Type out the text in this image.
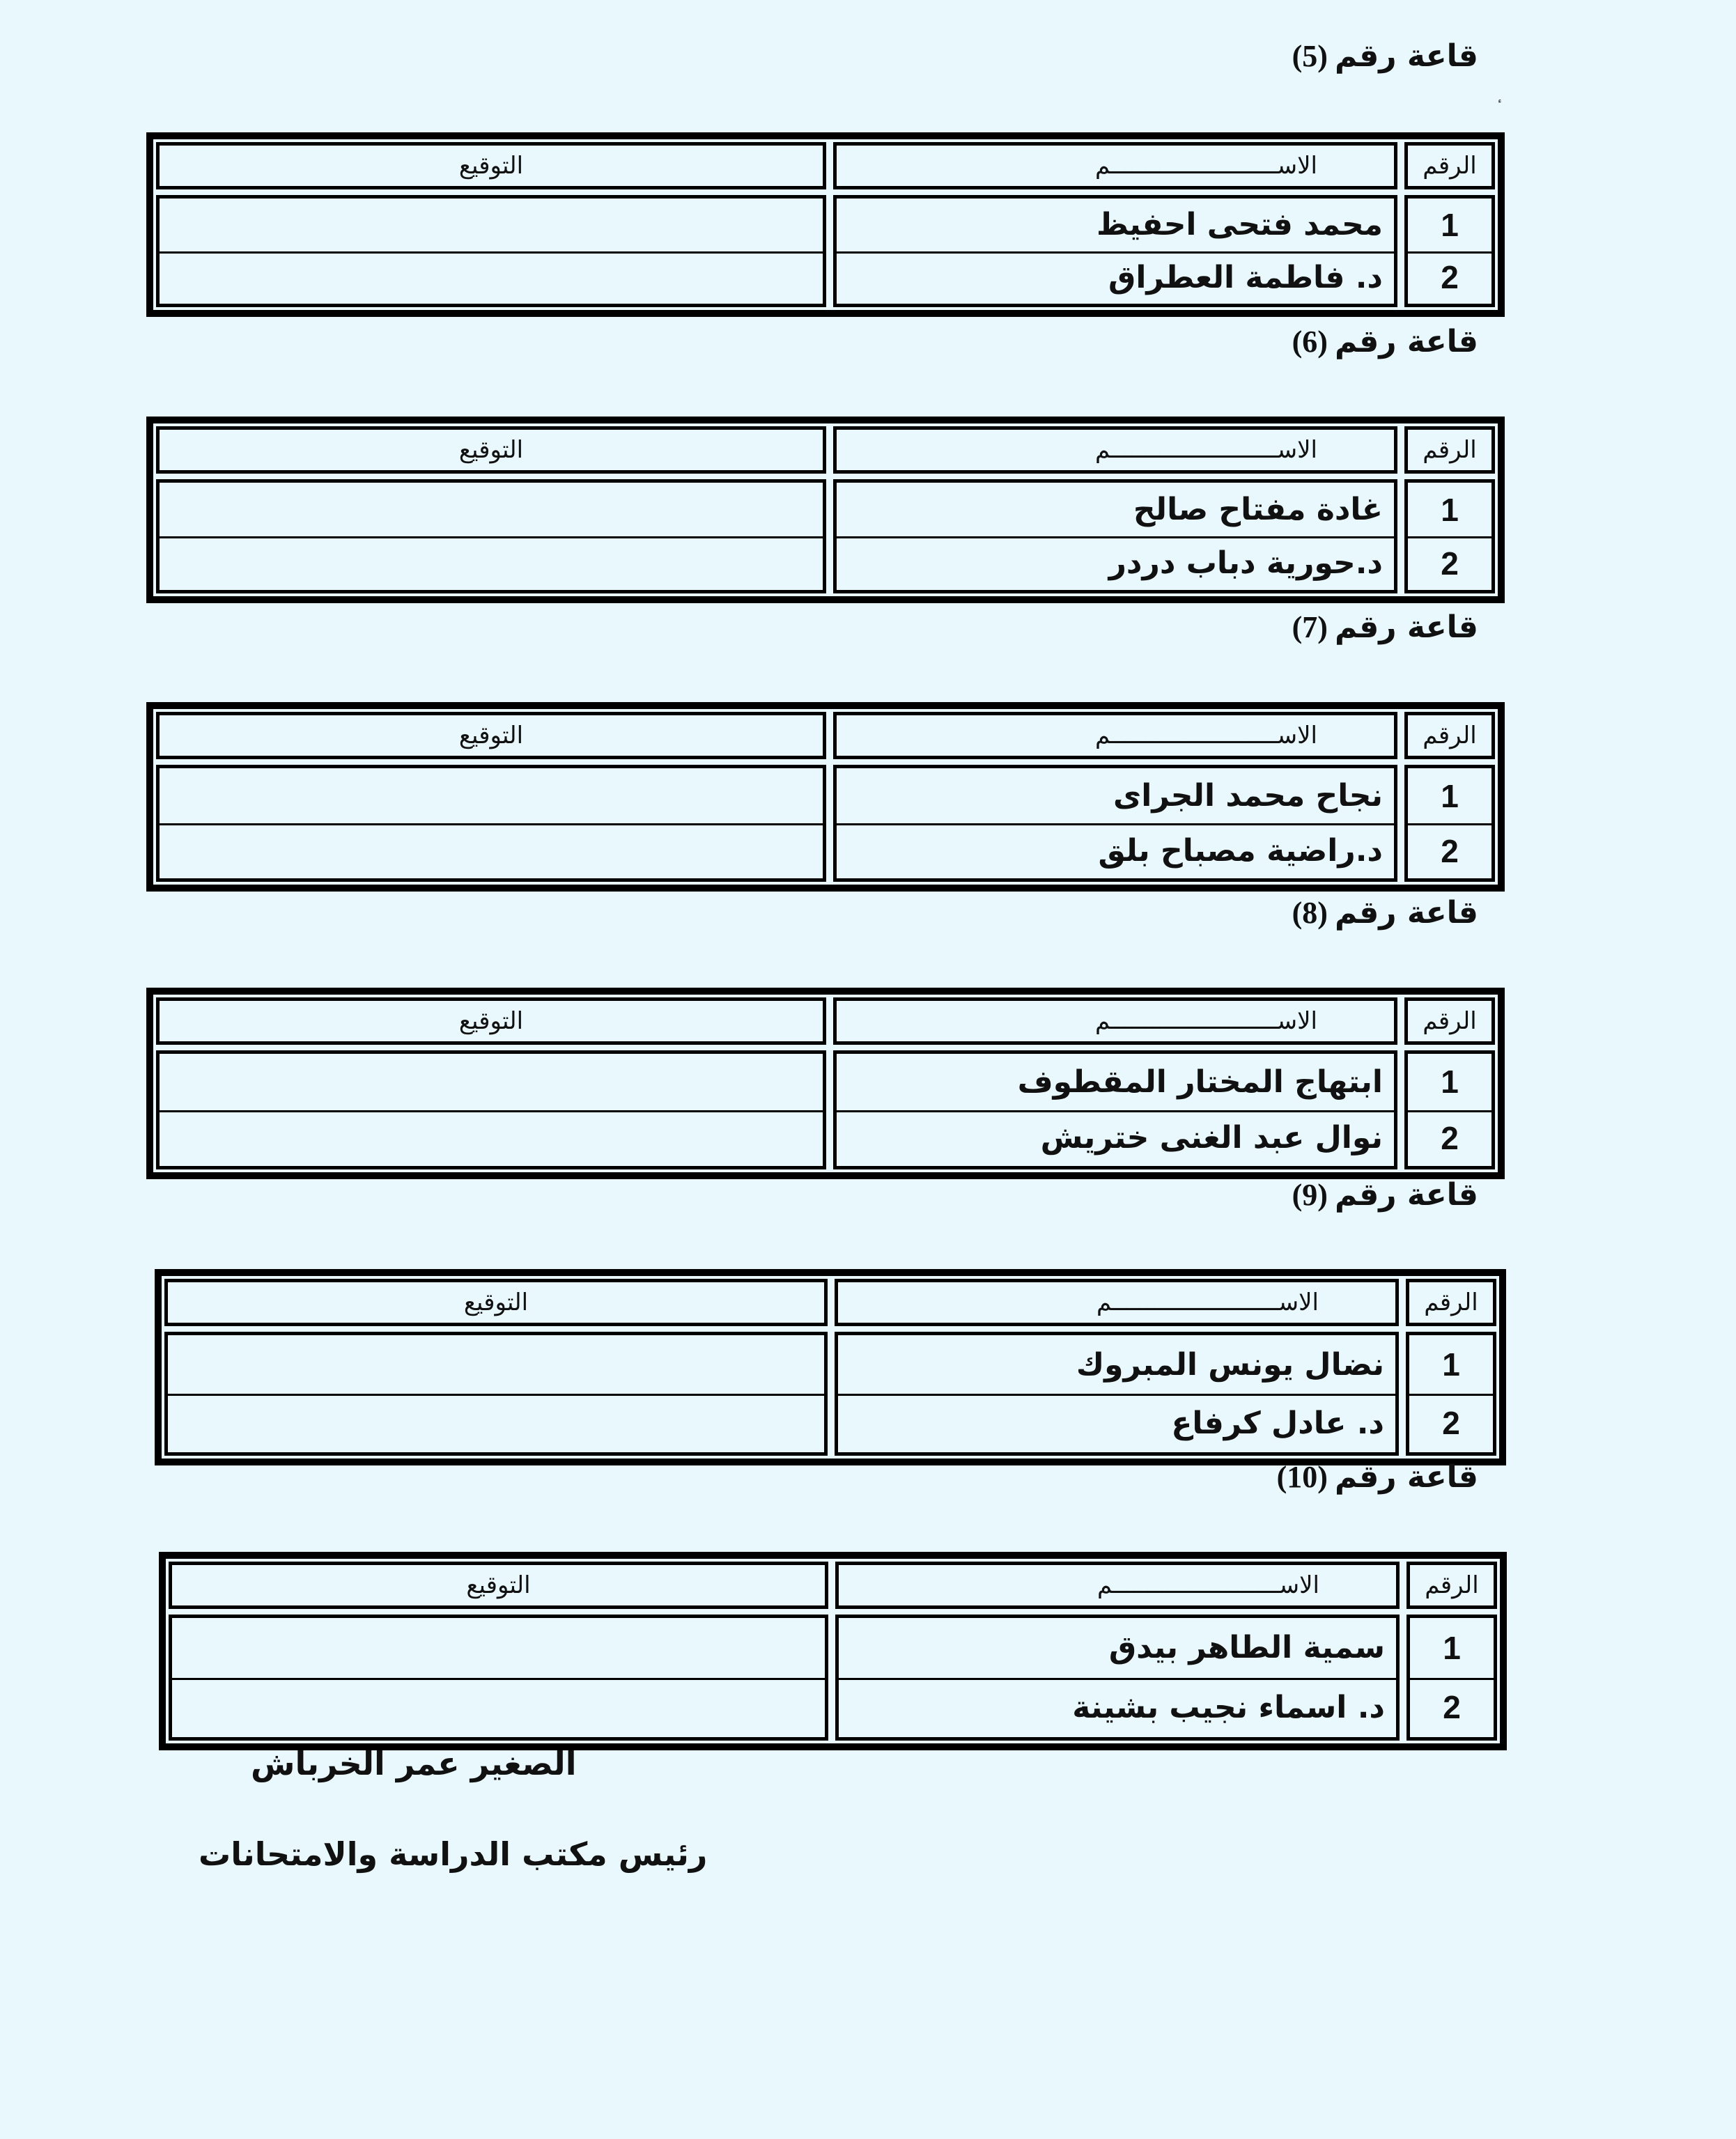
قاعة رقم(5)
الرقم
1
2
الاســــــــــــــــــــــــم
محمد فتحى احفيظ
د. فاطمة العطراق
التوقيع
قاعة رقم(6)
الرقم
1
2
الاســــــــــــــــــــــــم
غادة مفتاح صالح
د.حورية دباب دردر
التوقيع
قاعة رقم(7)
الرقم
1
2
الاســــــــــــــــــــــــم
نجاح محمد الجراى
د.راضية مصباح بلق
التوقيع
قاعة رقم(8)
الرقم
1
2
الاســــــــــــــــــــــــم
ابتهاج المختار المقطوف
نوال عبد الغنى ختريش
التوقيع
قاعة رقم(9)
الرقم
1
2
الاســــــــــــــــــــــــم
نضال يونس المبروك
د. عادل كرفاع
التوقيع
قاعة رقم(10)
الرقم
1
2
الاســــــــــــــــــــــــم
سمية الطاهر بيدق
د. اسماء نجيب بشينة
التوقيع
الصغير عمر الخرباش
رئيس مكتب الدراسة والامتحانات
